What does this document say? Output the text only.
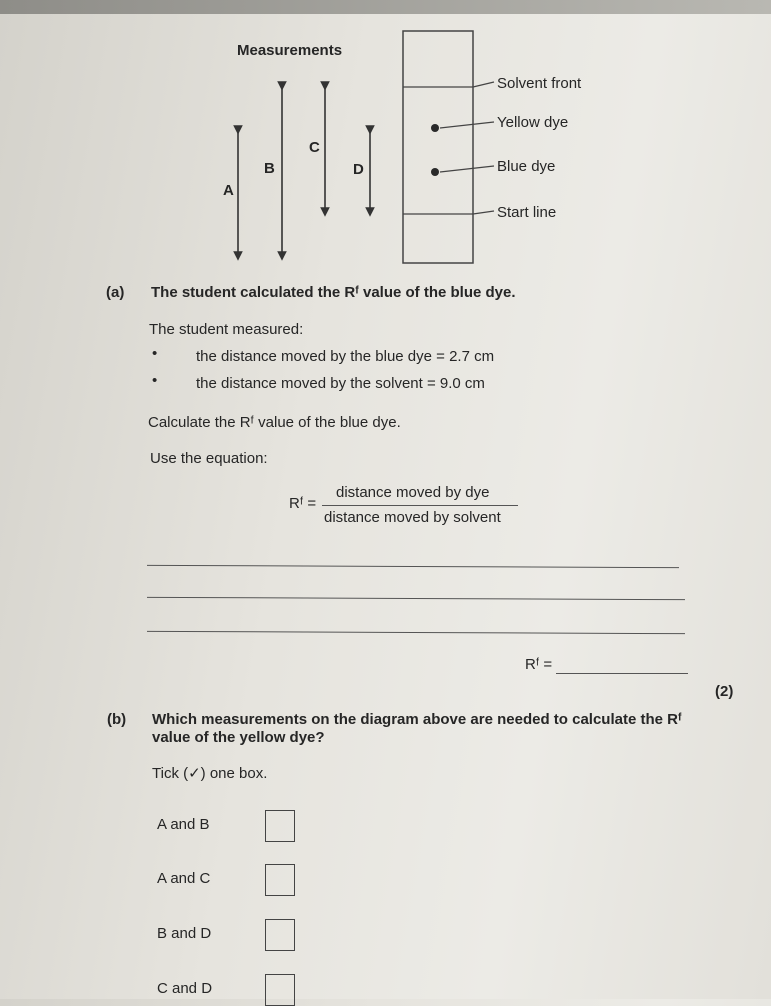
Measurements
A
B
C
D
Solvent front
Yellow dye
Blue dye
Start line
(a) The student calculated the Rᶠ value of the blue dye.
The student measured:
•	the distance moved by the blue dye = 2.7 cm
•	the distance moved by the solvent = 9.0 cm
Calculate the Rᶠ value of the blue dye.
Use the equation:
Rᶠ =
distance moved by dye
distance moved by solvent
Rᶠ =
(2)
(b) Which measurements on the diagram above are needed to calculate the Rᶠ
value of the yellow dye?
Tick (✓) one box.
A and B
A and C
B and D
C and D
